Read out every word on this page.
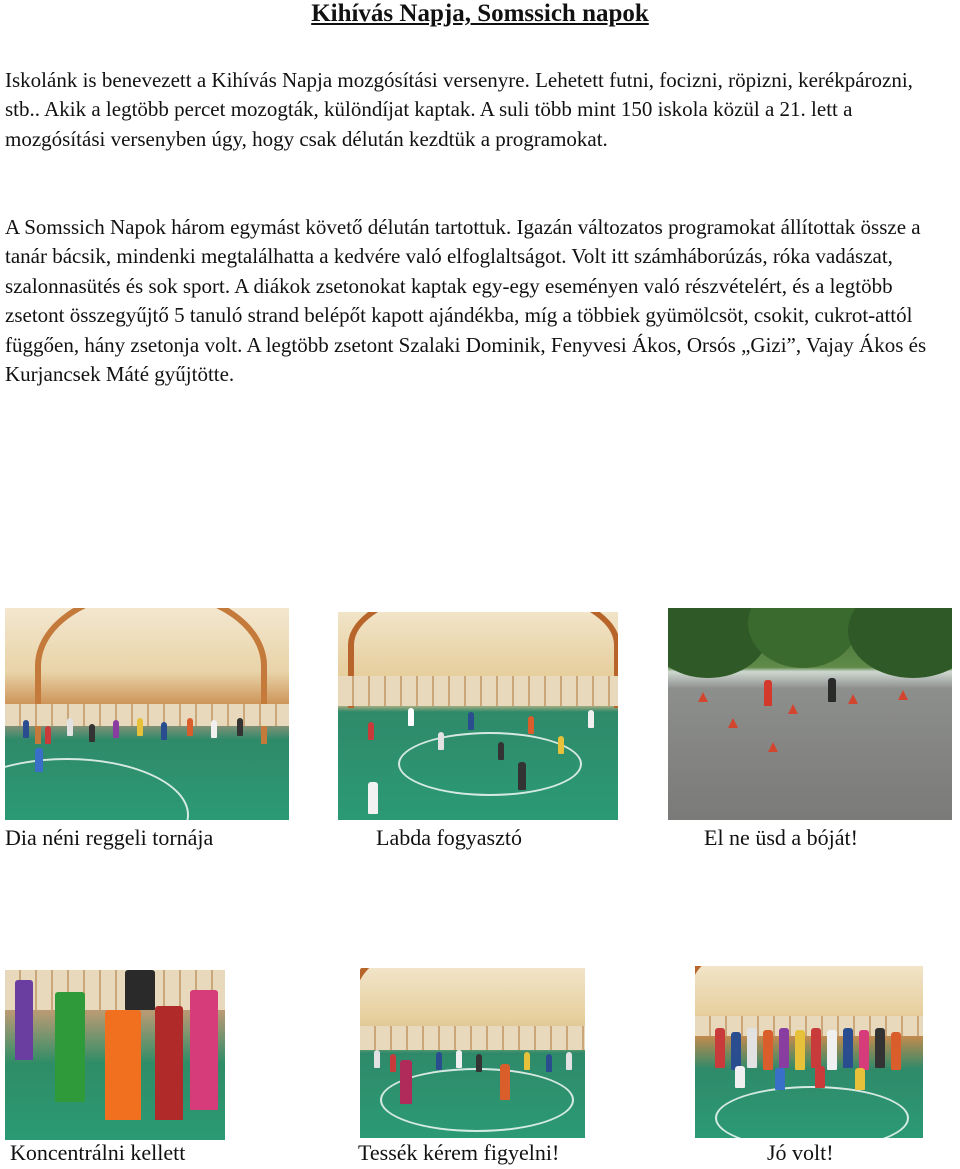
Kihívás Napja, Somssich napok

Iskolánk is benevezett a Kihívás Napja mozgósítási versenyre. Lehetett futni, focizni, röpizni, kerékpározni, stb.. Akik a legtöbb percet mozogták, különdíjat kaptak. A suli több mint 150 iskola közül a 21. lett a mozgósítási versenyben úgy, hogy csak délután kezdtük a programokat.

A Somssich Napok három egymást követő délután tartottuk. Igazán változatos programokat állítottak össze a tanár bácsik, mindenki megtalálhatta a kedvére való elfoglaltságot. Volt itt számháborúzás, róka vadászat, szalonnasütés és sok sport. A diákok zsetonokat kaptak egy-egy eseményen való részvételért, és a legtöbb zsetont összegyűjtő 5 tanuló strand belépőt kapott ajándékba, míg a többiek gyümölcsöt, csokit, cukrot-attól függően, hány zsetonja volt. A legtöbb zsetont Szalaki Dominik, Fenyvesi Ákos, Orsós „Gizi”, Vajay Ákos és Kurjancsek Máté gyűjtötte.

Dia néni reggeli tornája	Labda fogyasztó	El ne üsd a bóját!
Koncentrálni kellett	Tessék kérem figyelni!	Jó volt!
